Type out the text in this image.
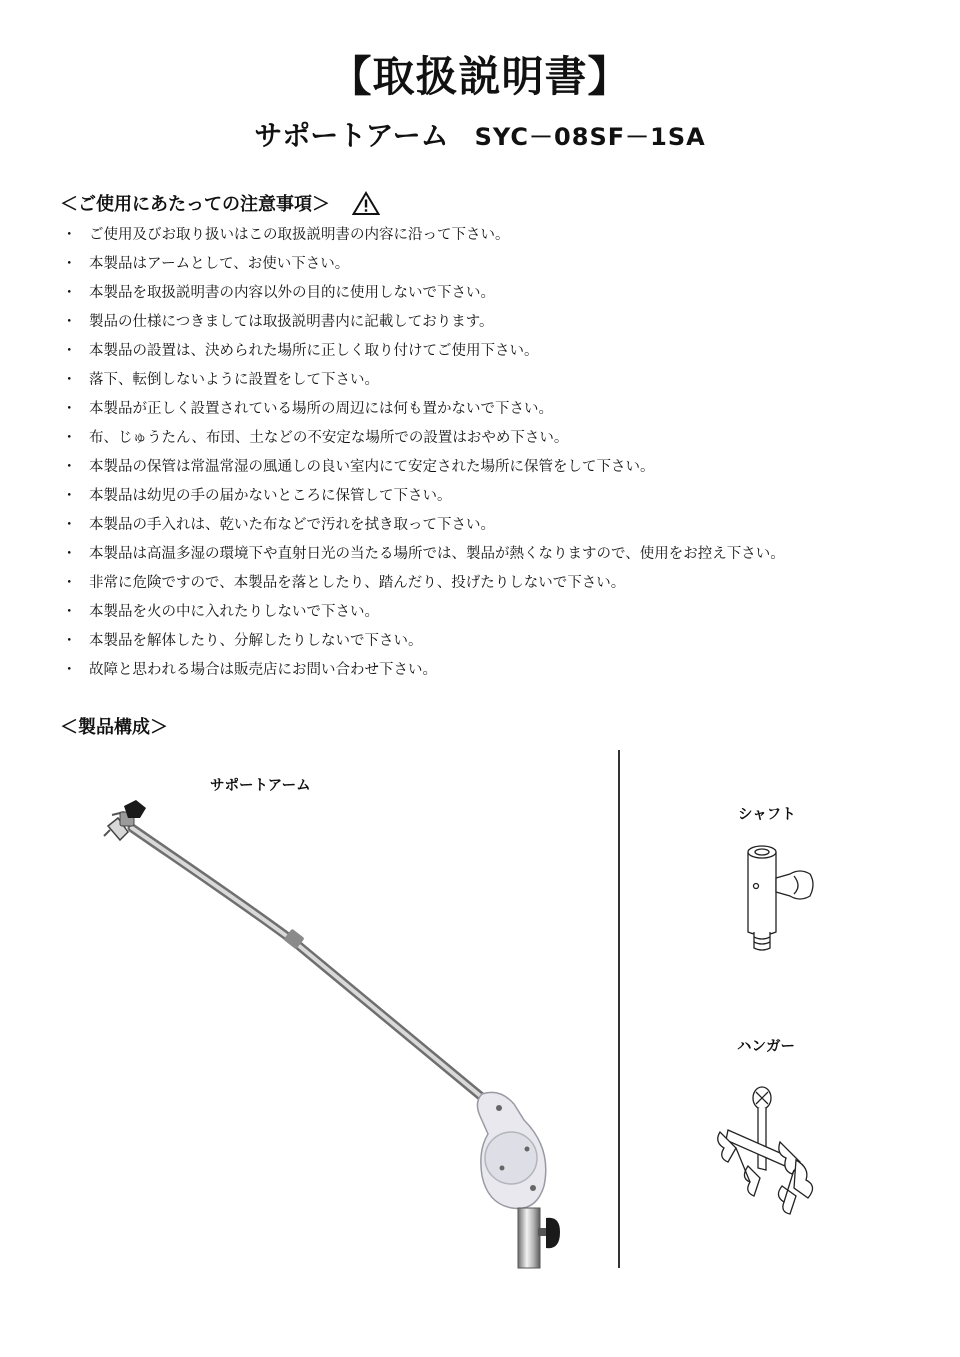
【取扱説明書】
サポートアーム SYC－08SF－1SA
＜ご使用にあたっての注意事項＞
・ ご使用及びお取り扱いはこの取扱説明書の内容に沿って下さい。
・ 本製品はアームとして、お使い下さい。
・ 本製品を取扱説明書の内容以外の目的に使用しないで下さい。
・ 製品の仕様につきましては取扱説明書内に記載しております。
・ 本製品の設置は、決められた場所に正しく取り付けてご使用下さい。
・ 落下、転倒しないように設置をして下さい。
・ 本製品が正しく設置されている場所の周辺には何も置かないで下さい。
・ 布、じゅうたん、布団、土などの不安定な場所での設置はおやめ下さい。
・ 本製品の保管は常温常湿の風通しの良い室内にて安定された場所に保管をして下さい。
・ 本製品は幼児の手の届かないところに保管して下さい。
・ 本製品の手入れは、乾いた布などで汚れを拭き取って下さい。
・ 本製品は高温多湿の環境下や直射日光の当たる場所では、製品が熱くなりますので、使用をお控え下さい。
・ 非常に危険ですので、本製品を落としたり、踏んだり、投げたりしないで下さい。
・ 本製品を火の中に入れたりしないで下さい。
・ 本製品を解体したり、分解したりしないで下さい。
・ 故障と思われる場合は販売店にお問い合わせ下さい。
＜製品構成＞
サポートアーム
シャフト
ハンガー
